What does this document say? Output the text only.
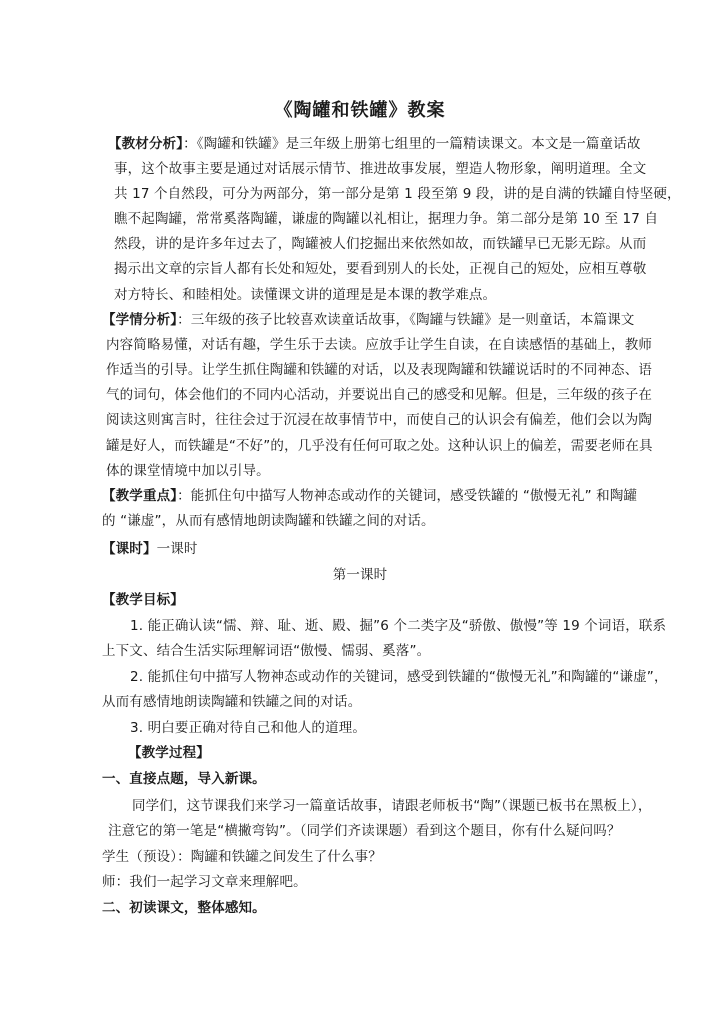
《陶罐和铁罐》教案
【教材分析】：《陶罐和铁罐》是三年级上册第七组里的一篇精读课文。本文是一篇童话故
事，这个故事主要是通过对话展示情节、推进故事发展，塑造人物形象，阐明道理。全文
共 17 个自然段，可分为两部分，第一部分是第 1 段至第 9 段，讲的是自满的铁罐自恃坚硬，
瞧不起陶罐，常常奚落陶罐，谦虚的陶罐以礼相让，据理力争。第二部分是第 10 至 17 自
然段，讲的是许多年过去了，陶罐被人们挖掘出来依然如故，而铁罐早已无影无踪。从而
揭示出文章的宗旨人都有长处和短处，要看到别人的长处，正视自己的短处，应相互尊敬
对方特长、和睦相处。读懂课文讲的道理是是本课的教学难点。
【学情分析】：三年级的孩子比较喜欢读童话故事，《陶罐与铁罐》是一则童话，本篇课文
内容简略易懂，对话有趣，学生乐于去读。应放手让学生自读，在自读感悟的基础上，教师
作适当的引导。让学生抓住陶罐和铁罐的对话，以及表现陶罐和铁罐说话时的不同神态、语
气的词句，体会他们的不同内心活动，并要说出自己的感受和见解。但是，三年级的孩子在
阅读这则寓言时，往往会过于沉浸在故事情节中，而使自己的认识会有偏差，他们会以为陶
罐是好人，而铁罐是“不好”的，几乎没有任何可取之处。这种认识上的偏差，需要老师在具
体的课堂情境中加以引导。
【教学重点】：能抓住句中描写人物神态或动作的关键词，感受铁罐的 “傲慢无礼” 和陶罐
的 “谦虚”，从而有感情地朗读陶罐和铁罐之间的对话。
【课时】一课时
第一课时
【教学目标】
1. 能正确认读“懦、辩、耻、逝、殿、掘”6 个二类字及“骄傲、傲慢”等 19 个词语，联系
上下文、结合生活实际理解词语“傲慢、懦弱、奚落”。
2. 能抓住句中描写人物神态或动作的关键词，感受到铁罐的“傲慢无礼”和陶罐的“谦虚”，
从而有感情地朗读陶罐和铁罐之间的对话。
3. 明白要正确对待自己和他人的道理。
【教学过程】
一、直接点题，导入新课。
同学们，这节课我们来学习一篇童话故事，请跟老师板书“陶”（课题已板书在黑板上），
注意它的第一笔是“横撇弯钩”。（同学们齐读课题）看到这个题目，你有什么疑问吗？
学生（预设）：陶罐和铁罐之间发生了什么事？
师：我们一起学习文章来理解吧。
二、初读课文，整体感知。
